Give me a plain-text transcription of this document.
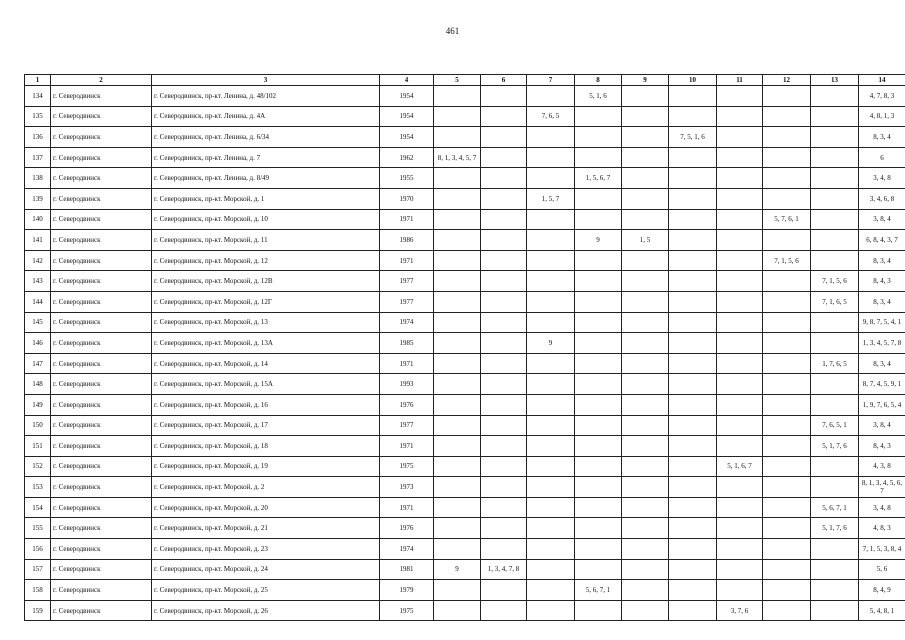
461
1	2	3	4	5	6	7	8	9	10	11	12	13	14
134	г. Северодвинск	г. Северодвинск, пр-кт. Ленина, д. 48/102	1954				5, 1, 6						4, 7, 8, 3
135	г. Северодвинск	г. Северодвинск, пр-кт. Ленина, д. 4А	1954			7, 6, 5							4, 8, 1, 3
136	г. Северодвинск	г. Северодвинск, пр-кт. Ленина, д. 6/34	1954						7, 5, 1, 6				8, 3, 4
137	г. Северодвинск	г. Северодвинск, пр-кт. Ленина, д. 7	1962	8, 1, 3, 4, 5, 7									6
138	г. Северодвинск	г. Северодвинск, пр-кт. Ленина, д. 8/49	1955				1, 5, 6, 7						3, 4, 8
139	г. Северодвинск	г. Северодвинск, пр-кт. Морской, д. 1	1970			1, 5, 7							3, 4, 6, 8
140	г. Северодвинск	г. Северодвинск, пр-кт. Морской, д. 10	1971								5, 7, 6, 1		3, 8, 4
141	г. Северодвинск	г. Северодвинск, пр-кт. Морской, д. 11	1986				9	1, 5					6, 8, 4, 3, 7
142	г. Северодвинск	г. Северодвинск, пр-кт. Морской, д. 12	1971								7, 1, 5, 6		8, 3, 4
143	г. Северодвинск	г. Северодвинск, пр-кт. Морской, д. 12В	1977									7, 1, 5, 6	8, 4, 3
144	г. Северодвинск	г. Северодвинск, пр-кт. Морской, д. 12Г	1977									7, 1, 6, 5	8, 3, 4
145	г. Северодвинск	г. Северодвинск, пр-кт. Морской, д. 13	1974										9, 8, 7, 5, 4, 1
146	г. Северодвинск	г. Северодвинск, пр-кт. Морской, д. 13А	1985			9							1, 3, 4, 5, 7, 8
147	г. Северодвинск	г. Северодвинск, пр-кт. Морской, д. 14	1971									1, 7, 6, 5	8, 3, 4
148	г. Северодвинск	г. Северодвинск, пр-кт. Морской, д. 15А	1993										8, 7, 4, 5, 9, 1
149	г. Северодвинск	г. Северодвинск, пр-кт. Морской, д. 16	1976										1, 9, 7, 6, 5, 4
150	г. Северодвинск	г. Северодвинск, пр-кт. Морской, д. 17	1977									7, 6, 5, 1	3, 8, 4
151	г. Северодвинск	г. Северодвинск, пр-кт. Морской, д. 18	1971									5, 1, 7, 6	8, 4, 3
152	г. Северодвинск	г. Северодвинск, пр-кт. Морской, д. 19	1975							5, 1, 6, 7			4, 3, 8
153	г. Северодвинск	г. Северодвинск, пр-кт. Морской, д. 2	1973										8, 1, 3, 4, 5, 6, 7
154	г. Северодвинск	г. Северодвинск, пр-кт. Морской, д. 20	1971									5, 6, 7, 1	3, 4, 8
155	г. Северодвинск	г. Северодвинск, пр-кт. Морской, д. 21	1976									5, 1, 7, 6	4, 8, 3
156	г. Северодвинск	г. Северодвинск, пр-кт. Морской, д. 23	1974										7, 1, 5, 3, 8, 4
157	г. Северодвинск	г. Северодвинск, пр-кт. Морской, д. 24	1981	9	1, 3, 4, 7, 8								5, 6
158	г. Северодвинск	г. Северодвинск, пр-кт. Морской, д. 25	1979				5, 6, 7, 1						8, 4, 9
159	г. Северодвинск	г. Северодвинск, пр-кт. Морской, д. 26	1975							3, 7, 6			5, 4, 8, 1
